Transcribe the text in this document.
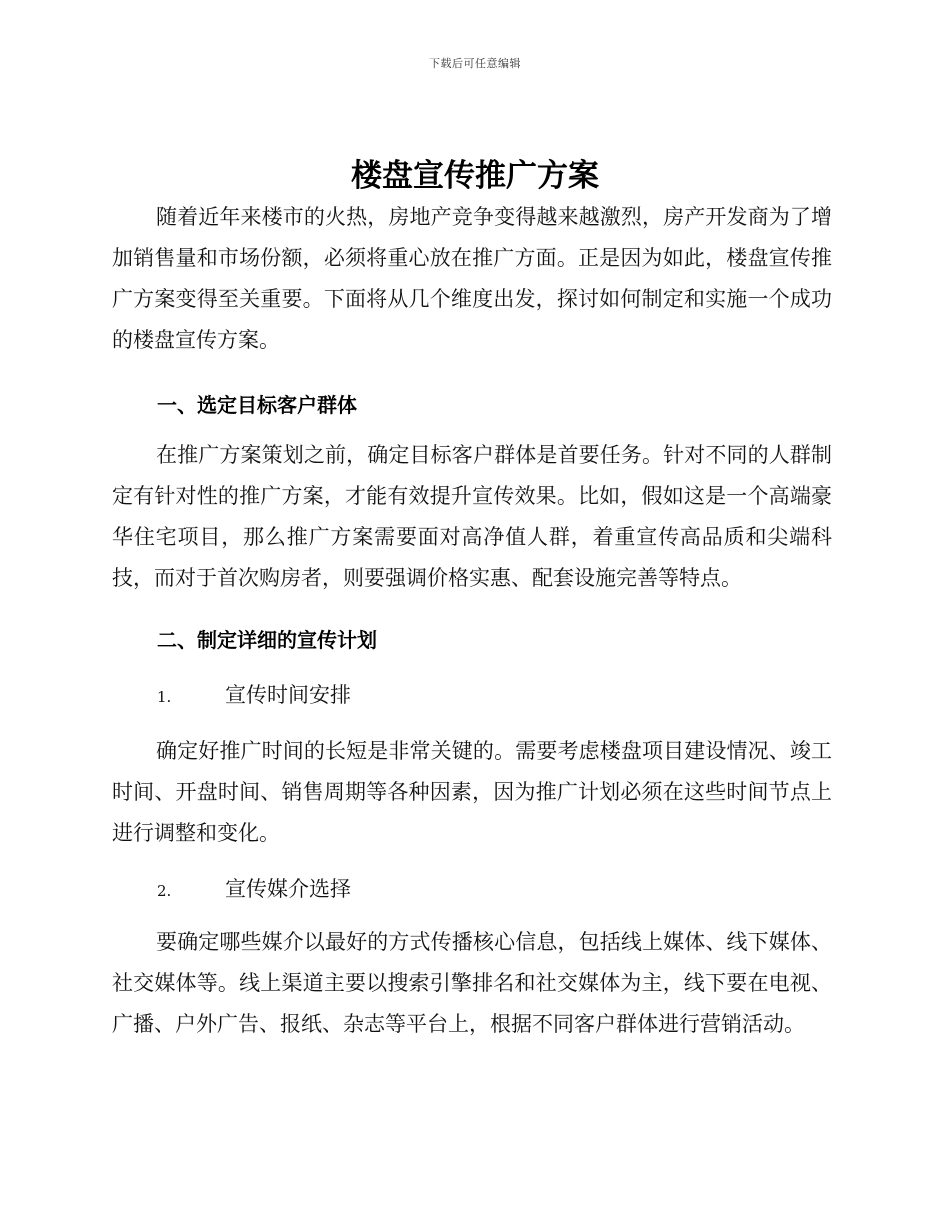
下载后可任意编辑
楼盘宣传推广方案

随着近年来楼市的火热，房地产竞争变得越来越激烈，房产开发商为了增加销售量和市场份额，必须将重心放在推广方面。正是因为如此，楼盘宣传推广方案变得至关重要。下面将从几个维度出发，探讨如何制定和实施一个成功的楼盘宣传方案。

一、选定目标客户群体

在推广方案策划之前，确定目标客户群体是首要任务。针对不同的人群制定有针对性的推广方案，才能有效提升宣传效果。比如，假如这是一个高端豪华住宅项目，那么推广方案需要面对高净值人群，着重宣传高品质和尖端科技，而对于首次购房者，则要强调价格实惠、配套设施完善等特点。

二、制定详细的宣传计划
1.	宣传时间安排

确定好推广时间的长短是非常关键的。需要考虑楼盘项目建设情况、竣工时间、开盘时间、销售周期等各种因素，因为推广计划必须在这些时间节点上进行调整和变化。

2.	宣传媒介选择

要确定哪些媒介以最好的方式传播核心信息，包括线上媒体、线下媒体、社交媒体等。线上渠道主要以搜索引擎排名和社交媒体为主，线下要在电视、广播、户外广告、报纸、杂志等平台上，根据不同客户群体进行营销活动。
